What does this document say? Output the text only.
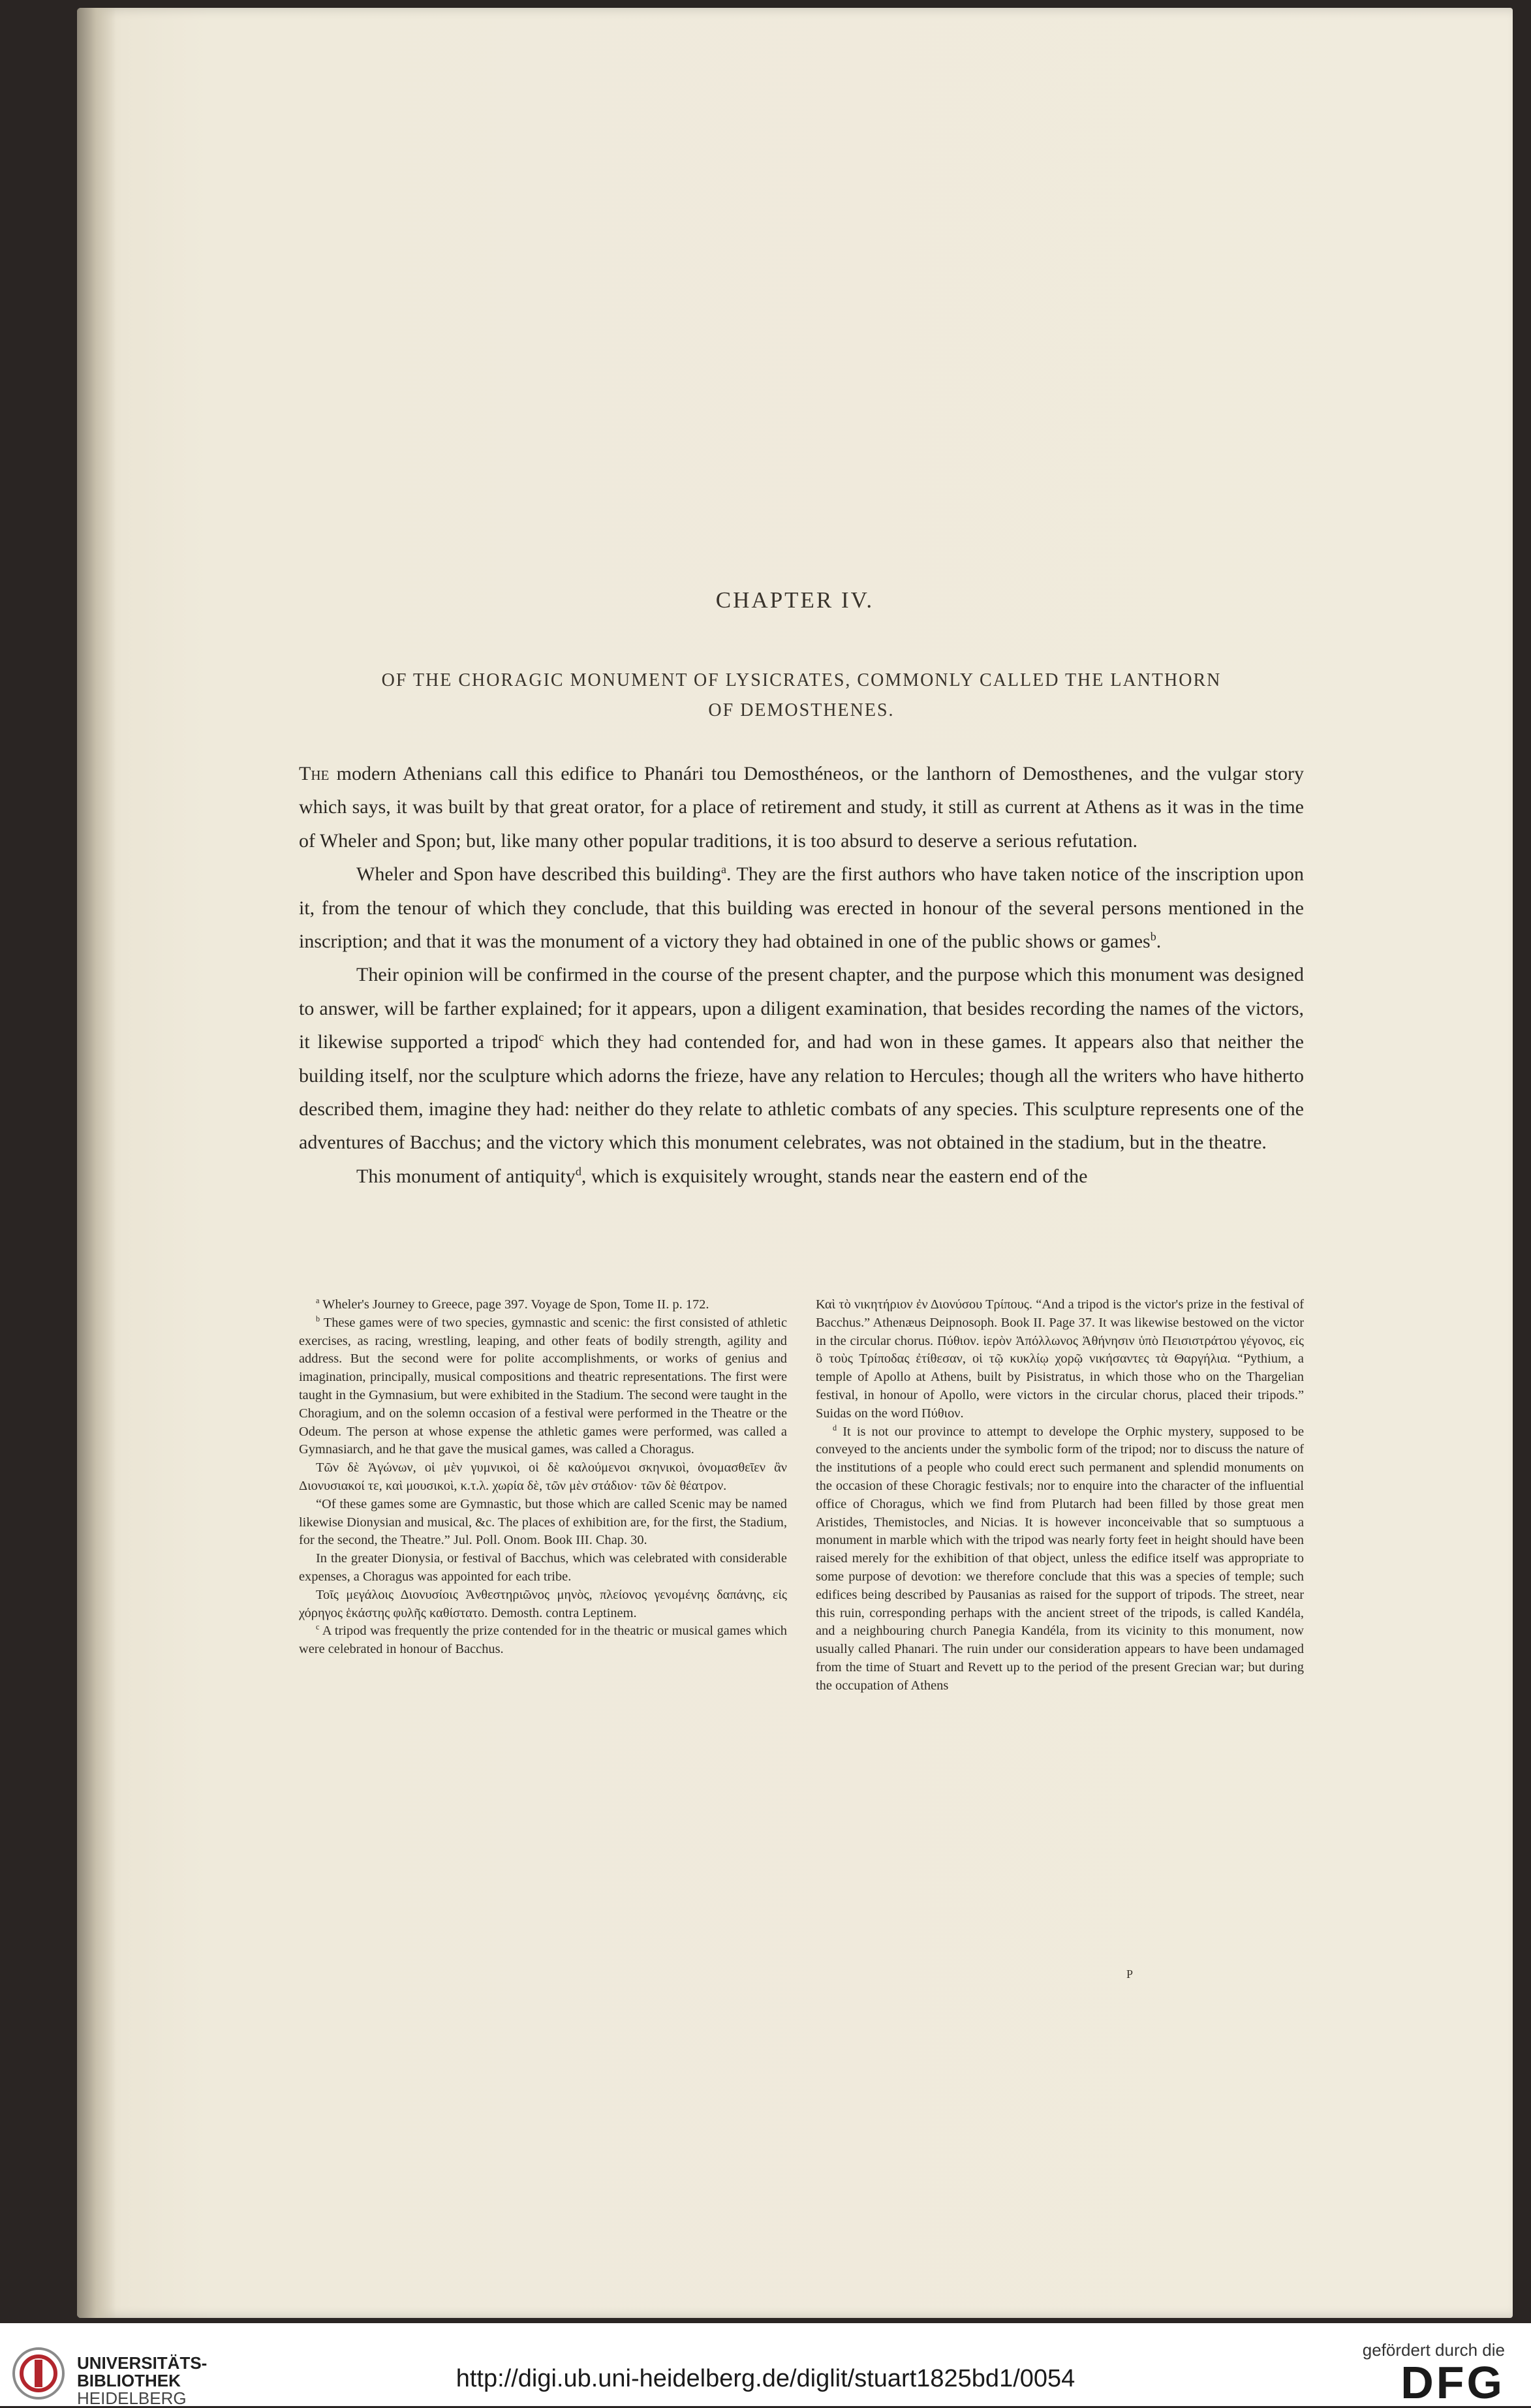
CHAPTER IV.
OF THE CHORAGIC MONUMENT OF LYSICRATES, COMMONLY CALLED THE LANTHORN
OF DEMOSTHENES.

The modern Athenians call this edifice to Phanári tou Demosthéneos, or the lanthorn of Demosthenes, and the vulgar story which says, it was built by that great orator, for a place of retirement and study, it still as current at Athens as it was in the time of Wheler and Spon; but, like many other popular traditions, it is too absurd to deserve a serious refutation.

Wheler and Spon have described this building$^a$. They are the first authors who have taken notice of the inscription upon it, from the tenour of which they conclude, that this building was erected in honour of the several persons mentioned in the inscription; and that it was the monument of a victory they had obtained in one of the public shows or games$^b$.

Their opinion will be confirmed in the course of the present chapter, and the purpose which this monument was designed to answer, will be farther explained; for it appears, upon a diligent examination, that besides recording the names of the victors, it likewise supported a tripod$^c$ which they had contended for, and had won in these games. It appears also that neither the building itself, nor the sculpture which adorns the frieze, have any relation to Hercules; though all the writers who have hitherto described them, imagine they had: neither do they relate to athletic combats of any species. This sculpture represents one of the adventures of Bacchus; and the victory which this monument celebrates, was not obtained in the stadium, but in the theatre.

This monument of antiquity$^d$, which is exquisitely wrought, stands near the eastern end of the

$^a$ Wheler's Journey to Greece, page 397. Voyage de Spon, Tome II. p. 172.

$^b$ These games were of two species, gymnastic and scenic: the first consisted of athletic exercises, as racing, wrestling, leaping, and other feats of bodily strength, agility and address. But the second were for polite accomplishments, or works of genius and imagination, principally, musical compositions and theatric representations. The first were taught in the Gymnasium, but were exhibited in the Stadium. The second were taught in the Choragium, and on the solemn occasion of a festival were performed in the Theatre or the Odeum. The person at whose expense the athletic games were performed, was called a Gymnasiarch, and he that gave the musical games, was called a Choragus.

Τῶν δὲ Ἀγώνων, οἱ μὲν γυμνικοὶ, οἱ δὲ καλούμενοι σκηνικοὶ, ὀνομασθεῖεν ἂν Διονυσιακοί τε, καὶ μουσικοὶ, κ.τ.λ. χωρία δὲ, τῶν μὲν στάδιον· τῶν δὲ θέατρον.

“Of these games some are Gymnastic, but those which are called Scenic may be named likewise Dionysian and musical, &c. The places of exhibition are, for the first, the Stadium, for the second, the Theatre.” Jul. Poll. Onom. Book III. Chap. 30.

In the greater Dionysia, or festival of Bacchus, which was celebrated with considerable expenses, a Choragus was appointed for each tribe.

Τοῖς μεγάλοις Διονυσίοις Ἀνθεστηριῶνος μηνὸς, πλείονος γενομένης δαπάνης, εἰς χόρηγος ἑκάστης φυλῆς καθίστατο. Demosth. contra Leptinem.

$^c$ A tripod was frequently the prize contended for in the theatric or musical games which were celebrated in honour of Bacchus.

Καὶ τὸ νικητήριον ἐν Διονύσου Τρίπους. “And a tripod is the victor's prize in the festival of Bacchus.” Athenæus Deipnosoph. Book II. Page 37. It was likewise bestowed on the victor in the circular chorus. Πύθιον. ἱερὸν Ἀπόλλωνος Ἀθήνησιν ὑπὸ Πεισιστράτου γέγονος, εἰς ὃ τοὺς Τρίποδας ἐτίθεσαν, οἱ τῷ κυκλίῳ χορῷ νικήσαντες τὰ Θαργήλια. “Pythium, a temple of Apollo at Athens, built by Pisistratus, in which those who on the Thargelian festival, in honour of Apollo, were victors in the circular chorus, placed their tripods.” Suidas on the word Πύθιον.

$^d$ It is not our province to attempt to develope the Orphic mystery, supposed to be conveyed to the ancients under the symbolic form of the tripod; nor to discuss the nature of the institutions of a people who could erect such permanent and splendid monuments on the occasion of these Choragic festivals; nor to enquire into the character of the influential office of Choragus, which we find from Plutarch had been filled by those great men Aristides, Themistocles, and Nicias. It is however inconceivable that so sumptuous a monument in marble which with the tripod was nearly forty feet in height should have been raised merely for the exhibition of that object, unless the edifice itself was appropriate to some purpose of devotion: we therefore conclude that this was a species of temple; such edifices being described by Pausanias as raised for the support of tripods. The street, near this ruin, corresponding perhaps with the ancient street of the tripods, is called Kandéla, and a neighbouring church Panegia Kandéla, from its vicinity to this monument, now usually called Phanari. The ruin under our consideration appears to have been undamaged from the time of Stuart and Revett up to the period of the present Grecian war; but during the occupation of Athens

P
UNIVERSITÄTS-
BIBLIOTHEK
HEIDELBERG
http://digi.ub.uni-heidelberg.de/diglit/stuart1825bd1/0054
gefördert durch die
DFG
